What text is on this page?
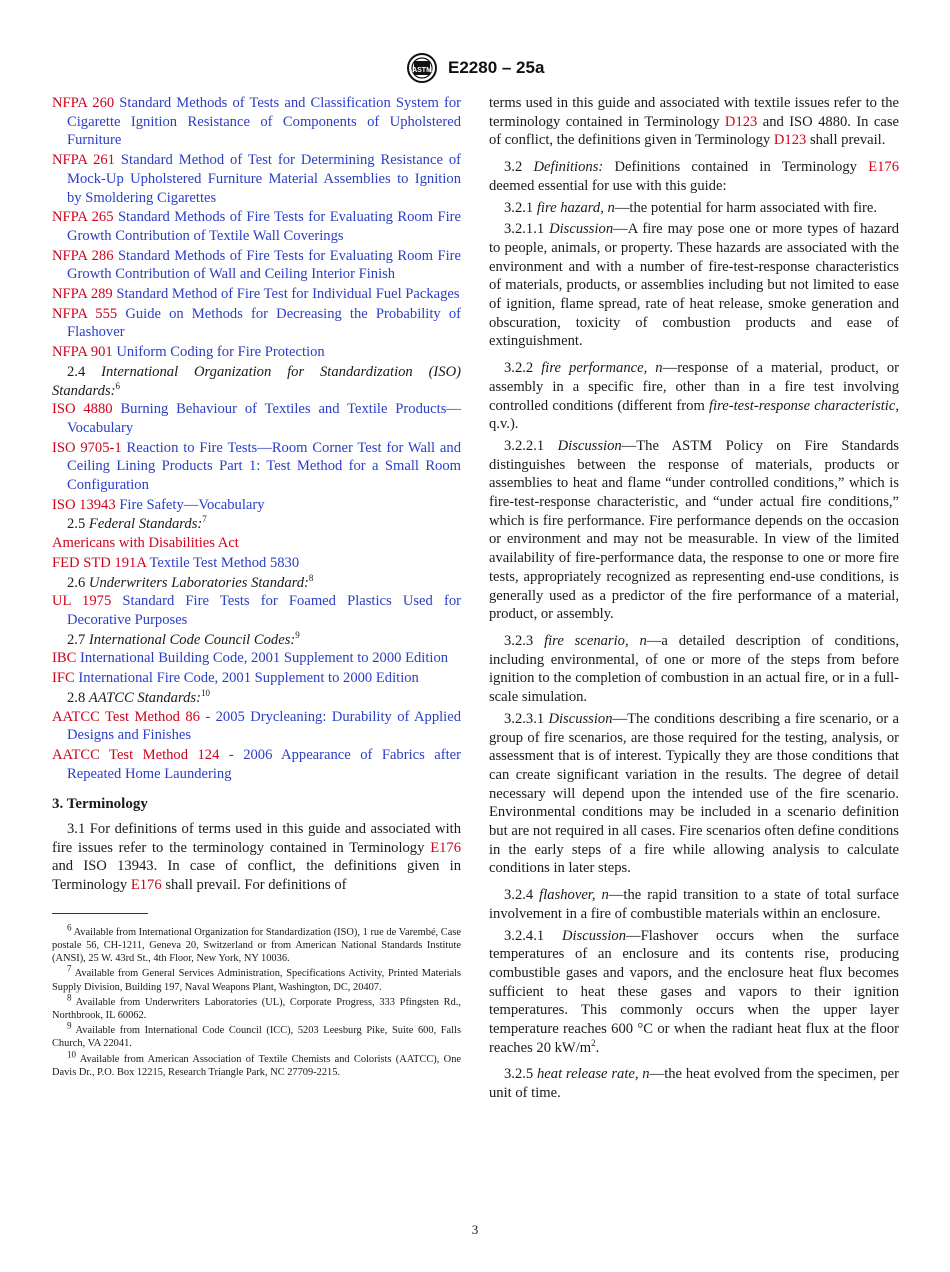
ASTM E2280 – 25a
NFPA 260 Standard Methods of Tests and Classification System for Cigarette Ignition Resistance of Components of Upholstered Furniture
NFPA 261 Standard Method of Test for Determining Resistance of Mock-Up Upholstered Furniture Material Assemblies to Ignition by Smoldering Cigarettes
NFPA 265 Standard Methods of Fire Tests for Evaluating Room Fire Growth Contribution of Textile Wall Coverings
NFPA 286 Standard Methods of Fire Tests for Evaluating Room Fire Growth Contribution of Wall and Ceiling Interior Finish
NFPA 289 Standard Method of Fire Test for Individual Fuel Packages
NFPA 555 Guide on Methods for Decreasing the Probability of Flashover
NFPA 901 Uniform Coding for Fire Protection

2.4 International Organization for Standardization (ISO) Standards:$^6$

ISO 4880 Burning Behaviour of Textiles and Textile Products—Vocabulary
ISO 9705-1 Reaction to Fire Tests—Room Corner Test for Wall and Ceiling Lining Products Part 1: Test Method for a Small Room Configuration
ISO 13943 Fire Safety—Vocabulary

2.5 Federal Standards:$^7$

Americans with Disabilities Act
FED STD 191A Textile Test Method 5830

2.6 Underwriters Laboratories Standard:$^8$

UL 1975 Standard Fire Tests for Foamed Plastics Used for Decorative Purposes

2.7 International Code Council Codes:$^9$

IBC International Building Code, 2001 Supplement to 2000 Edition
IFC International Fire Code, 2001 Supplement to 2000 Edition

2.8 AATCC Standards:$^{10}$

AATCC Test Method 86 - 2005 Drycleaning: Durability of Applied Designs and Finishes
AATCC Test Method 124 - 2006 Appearance of Fabrics after Repeated Home Laundering
3. Terminology

3.1 For definitions of terms used in this guide and associated with fire issues refer to the terminology contained in Terminology E176 and ISO 13943. In case of conflict, the definitions given in Terminology E176 shall prevail. For definitions of

$^6$ Available from International Organization for Standardization (ISO), 1 rue de Varembé, Case postale 56, CH-1211, Geneva 20, Switzerland or from American National Standards Institute (ANSI), 25 W. 43rd St., 4th Floor, New York, NY 10036.

$^7$ Available from General Services Administration, Specifications Activity, Printed Materials Supply Division, Building 197, Naval Weapons Plant, Washington, DC, 20407.

$^8$ Available from Underwriters Laboratories (UL), Corporate Progress, 333 Pfingsten Rd., Northbrook, IL 60062.

$^9$ Available from International Code Council (ICC), 5203 Leesburg Pike, Suite 600, Falls Church, VA 22041.

$^{10}$ Available from American Association of Textile Chemists and Colorists (AATCC), One Davis Dr., P.O. Box 12215, Research Triangle Park, NC 27709-2215.

terms used in this guide and associated with textile issues refer to the terminology contained in Terminology D123 and ISO 4880. In case of conflict, the definitions given in Terminology D123 shall prevail.

3.2 Definitions: Definitions contained in Terminology E176 deemed essential for use with this guide:

3.2.1 fire hazard, n—the potential for harm associated with fire.

3.2.1.1 Discussion—A fire may pose one or more types of hazard to people, animals, or property. These hazards are associated with the environment and with a number of fire-test-response characteristics of materials, products, or assemblies including but not limited to ease of ignition, flame spread, rate of heat release, smoke generation and obscuration, toxicity of combustion products and ease of extinguishment.

3.2.2 fire performance, n—response of a material, product, or assembly in a specific fire, other than in a fire test involving controlled conditions (different from fire-test-response characteristic, q.v.).

3.2.2.1 Discussion—The ASTM Policy on Fire Standards distinguishes between the response of materials, products or assemblies to heat and flame “under controlled conditions,” which is fire-test-response characteristic, and “under actual fire conditions,” which is fire performance. Fire performance depends on the occasion or environment and may not be measurable. In view of the limited availability of fire-performance data, the response to one or more fire tests, appropriately recognized as representing end-use conditions, is generally used as a predictor of the fire performance of a material, product, or assembly.

3.2.3 fire scenario, n—a detailed description of conditions, including environmental, of one or more of the steps from before ignition to the completion of combustion in an actual fire, or in a full-scale simulation.

3.2.3.1 Discussion—The conditions describing a fire scenario, or a group of fire scenarios, are those required for the testing, analysis, or assessment that is of interest. Typically they are those conditions that can create significant variation in the results. The degree of detail necessary will depend upon the intended use of the fire scenario. Environmental conditions may be included in a scenario definition but are not required in all cases. Fire scenarios often define conditions in the early steps of a fire while allowing analysis to calculate conditions in later steps.

3.2.4 flashover, n—the rapid transition to a state of total surface involvement in a fire of combustible materials within an enclosure.

3.2.4.1 Discussion—Flashover occurs when the surface temperatures of an enclosure and its contents rise, producing combustible gases and vapors, and the enclosure heat flux becomes sufficient to heat these gases and vapors to their ignition temperatures. This commonly occurs when the upper layer temperature reaches 600 °C or when the radiant heat flux at the floor reaches 20 $kW/m^2$.

3.2.5 heat release rate, n—the heat evolved from the specimen, per unit of time.

3
